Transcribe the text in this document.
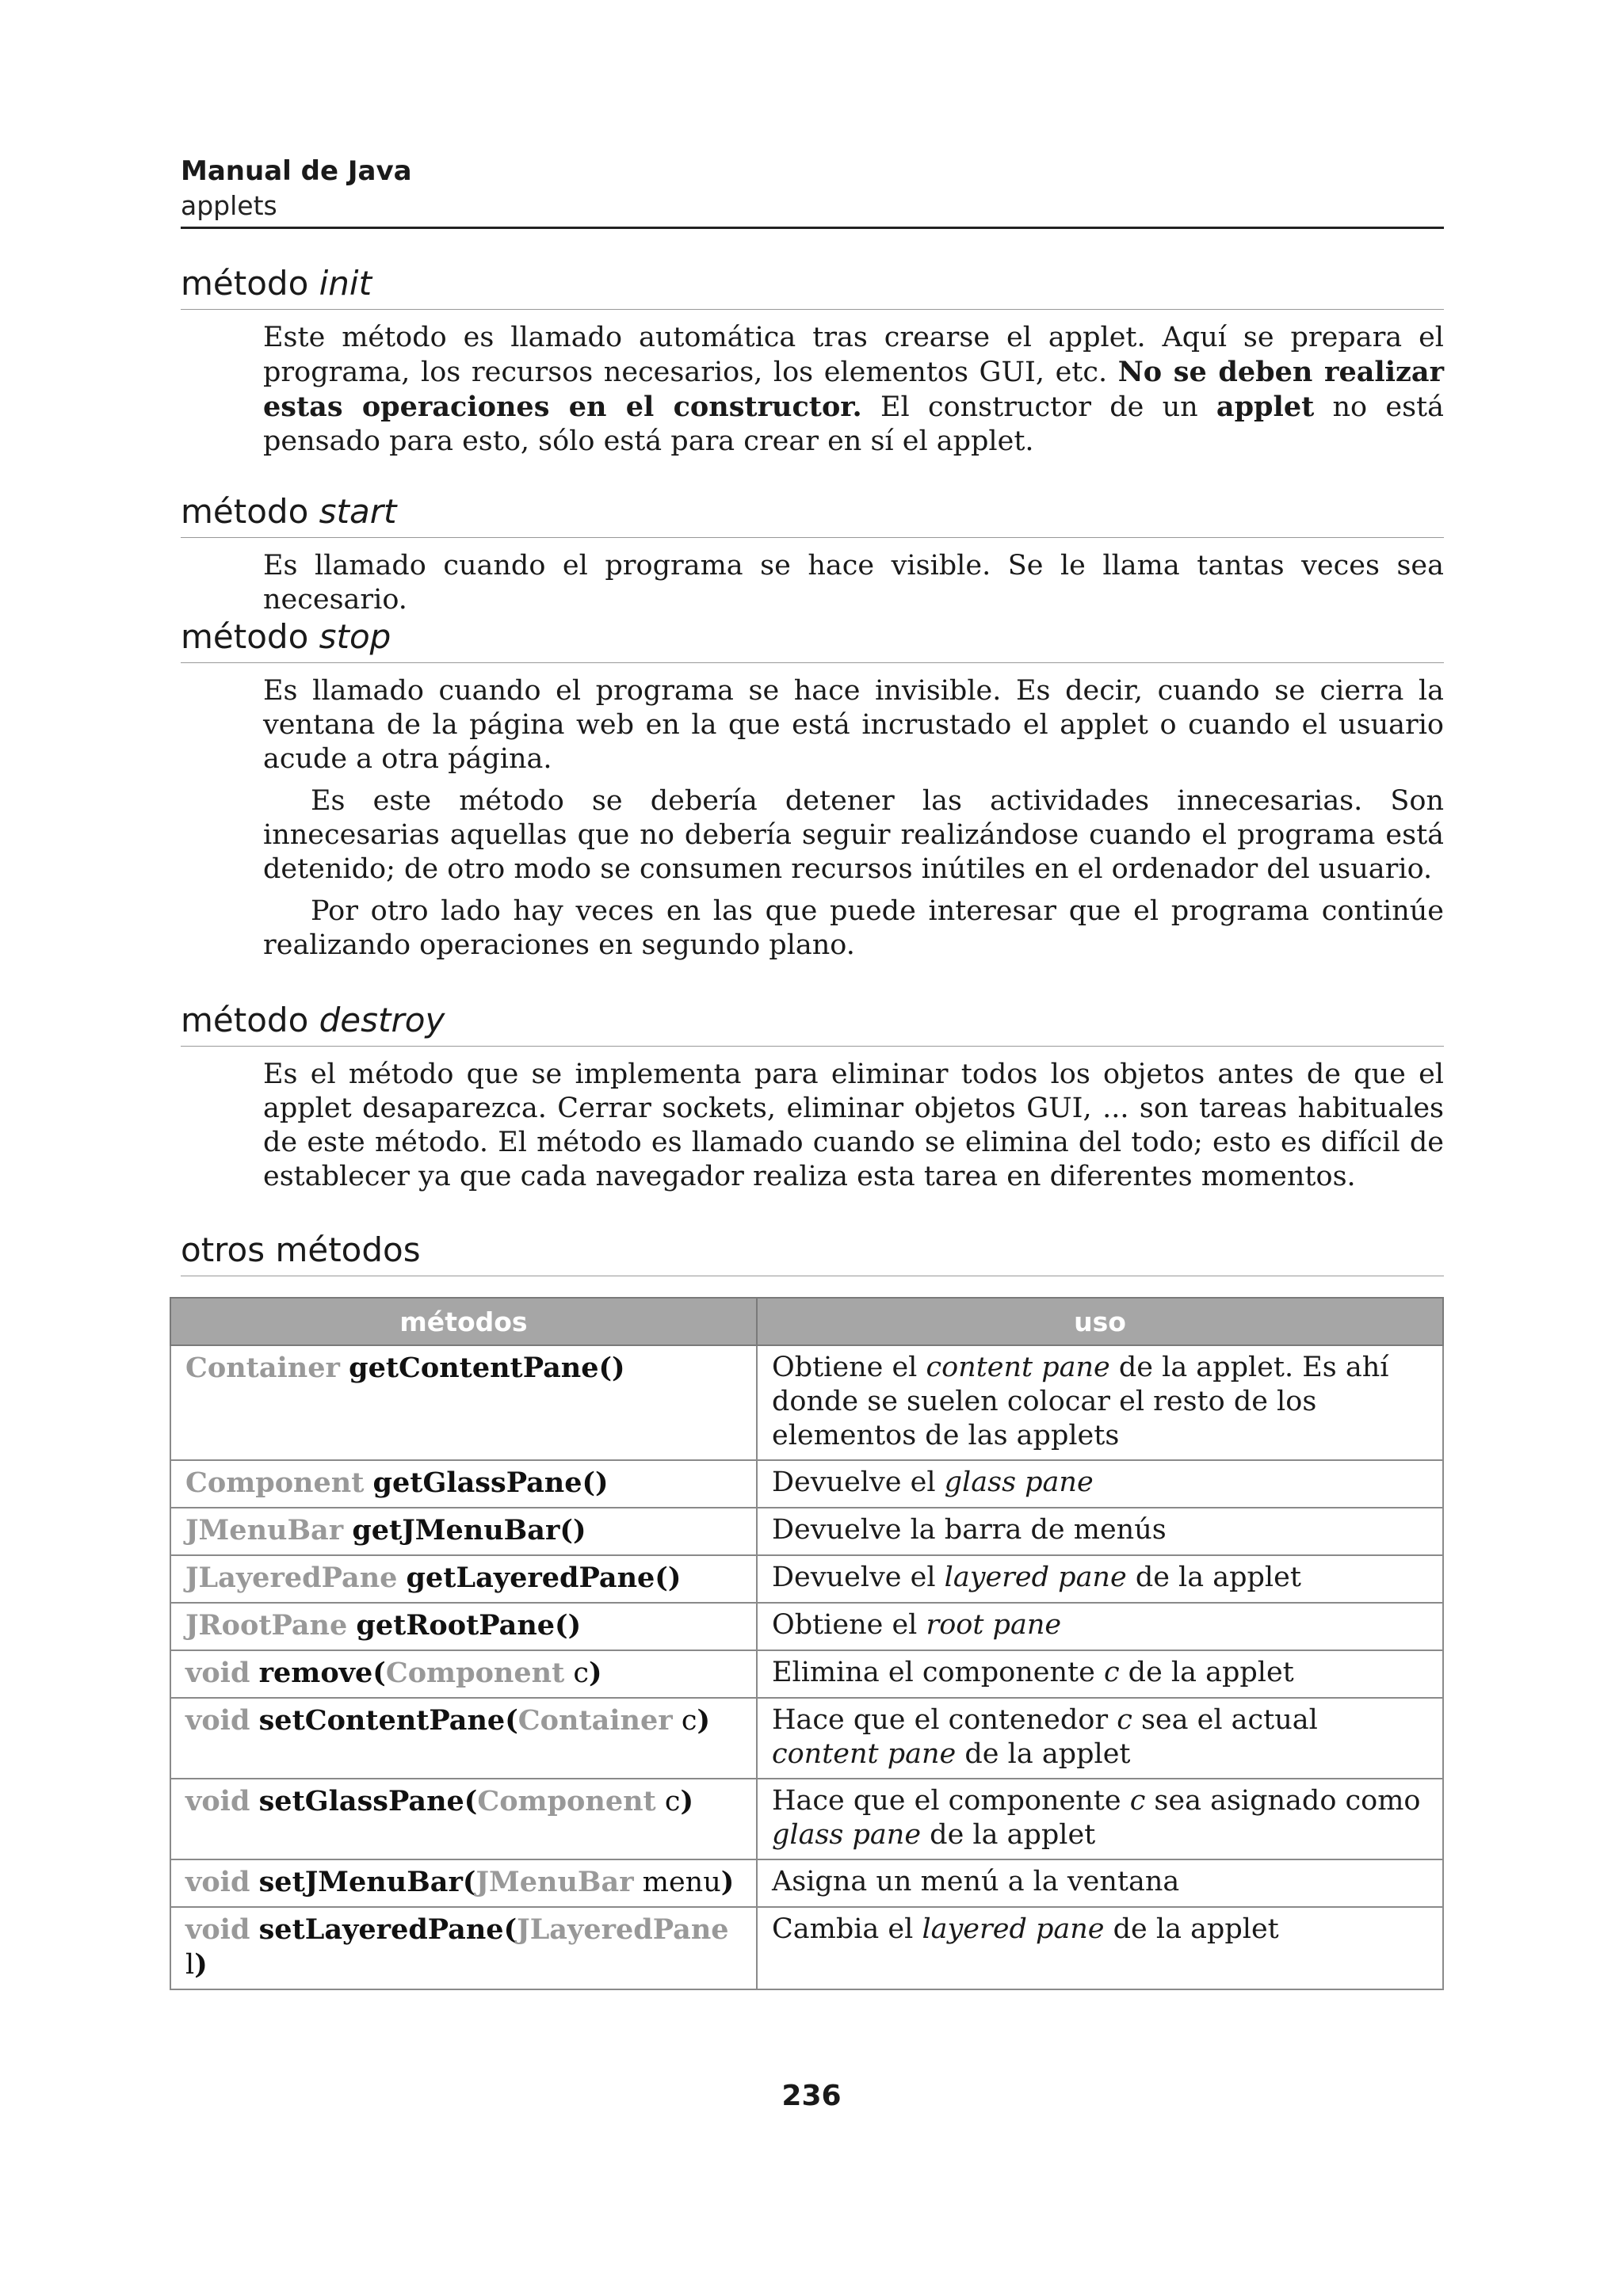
Manual de Java
applets
método init

Este método es llamado automática tras crearse el applet. Aquí se prepara el programa, los recursos necesarios, los elementos GUI, etc. No se deben realizar estas operaciones en el constructor. El constructor de un applet no está pensado para esto, sólo está para crear en sí el applet.

método start

Es llamado cuando el programa se hace visible. Se le llama tantas veces sea necesario.

método stop

Es llamado cuando el programa se hace invisible. Es decir, cuando se cierra la ventana de la página web en la que está incrustado el applet o cuando el usuario acude a otra página.

Es este método se debería detener las actividades innecesarias. Son innecesarias aquellas que no debería seguir realizándose cuando el programa está detenido; de otro modo se consumen recursos inútiles en el ordenador del usuario.

Por otro lado hay veces en las que puede interesar que el programa continúe realizando operaciones en segundo plano.

método destroy

Es el método que se implementa para eliminar todos los objetos antes de que el applet desaparezca. Cerrar sockets, eliminar objetos GUI, ... son tareas habituales de este método. El método es llamado cuando se elimina del todo; esto es difícil de establecer ya que cada navegador realiza esta tarea en diferentes momentos.

otros métodos
métodos	uso
Container getContentPane()	Obtiene el content pane de la applet. Es ahí donde se suelen colocar el resto de los elementos de las applets
Component getGlassPane()	Devuelve el glass pane
JMenuBar getJMenuBar()	Devuelve la barra de menús
JLayeredPane getLayeredPane()	Devuelve el layered pane de la applet
JRootPane getRootPane()	Obtiene el root pane
void remove(Component c)	Elimina el componente c de la applet
void setContentPane(Container c)	Hace que el contenedor c sea el actual content pane de la applet
void setGlassPane(Component c)	Hace que el componente c sea asignado como glass pane de la applet
void setJMenuBar(JMenuBar menu)	Asigna un menú a la ventana
void setLayeredPane(JLayeredPane l)	Cambia el layered pane de la applet
236
